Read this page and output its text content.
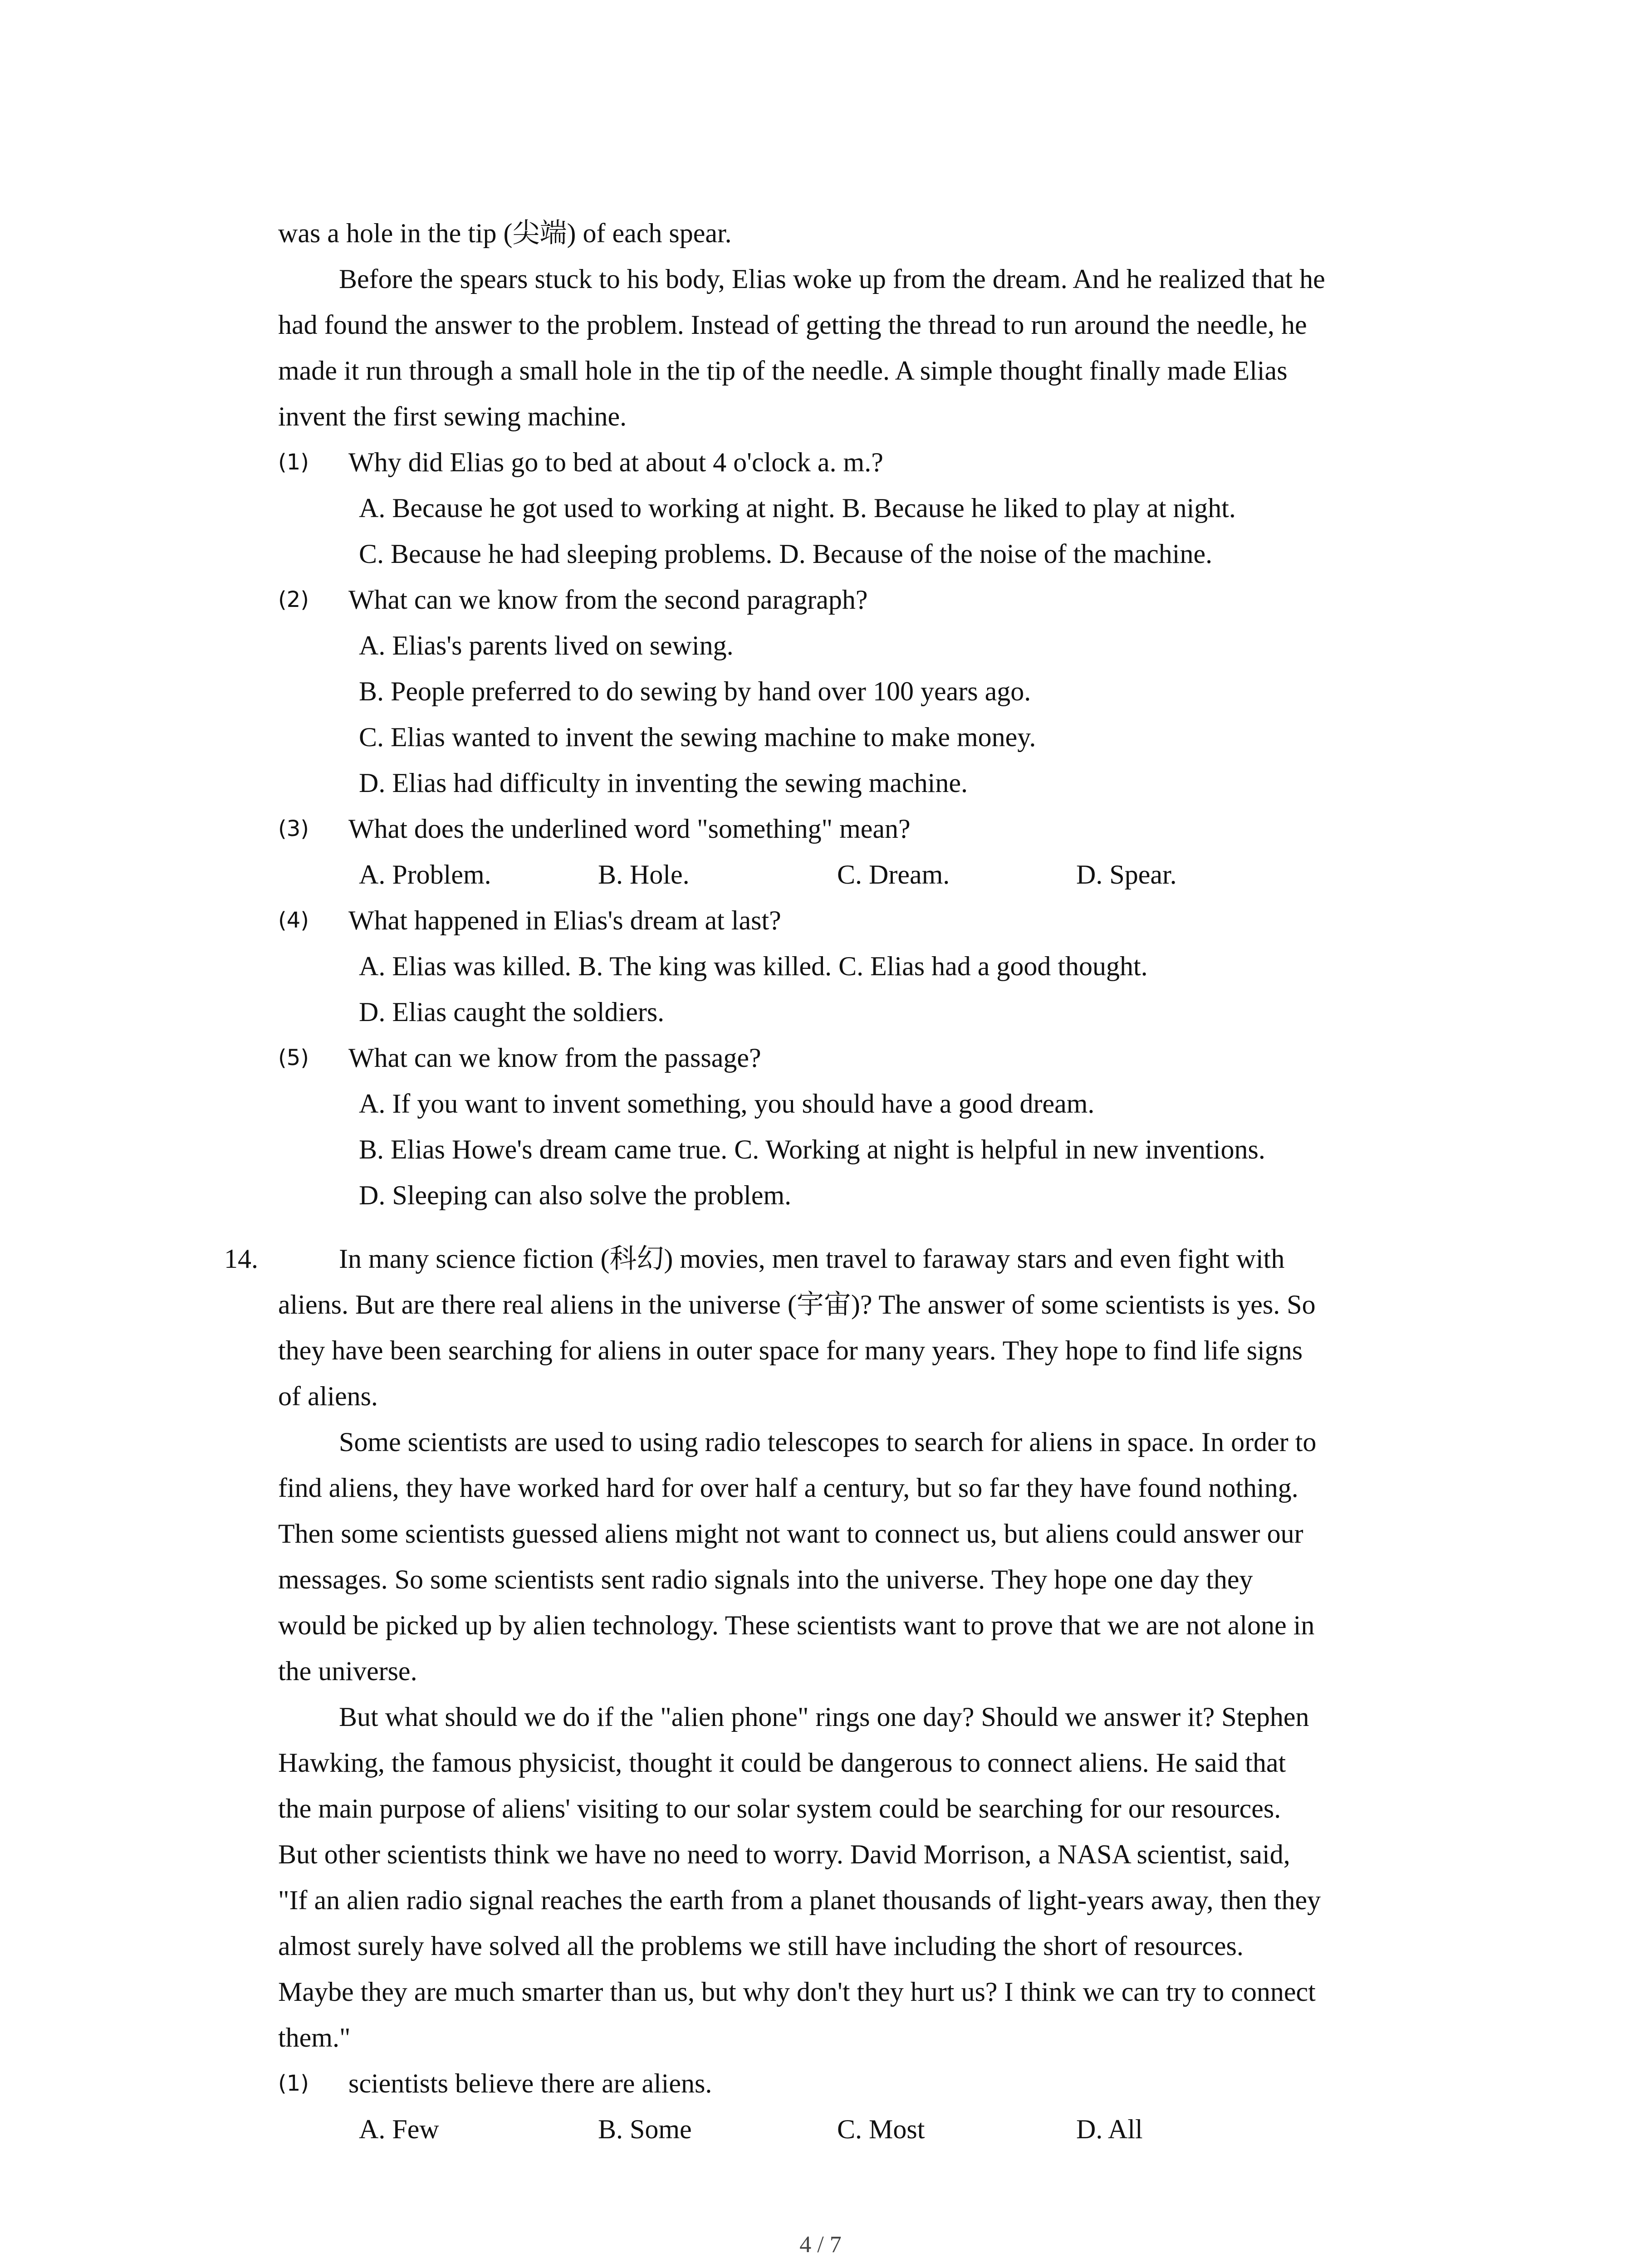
was a hole in the tip (尖端) of each spear.
Before the spears stuck to his body, Elias woke up from the dream. And he realized that he
had found the answer to the problem. Instead of getting the thread to run around the needle, he
made it run through a small hole in the tip of the needle. A simple thought finally made Elias
invent the first sewing machine.
(1) Why did Elias go to bed at about 4 o'clock a. m.?
A. Because he got used to working at night. B. Because he liked to play at night.
C. Because he had sleeping problems. D. Because of the noise of the machine.
(2) What can we know from the second paragraph?
A. Elias's parents lived on sewing.
B. People preferred to do sewing by hand over 100 years ago.
C. Elias wanted to invent the sewing machine to make money.
D. Elias had difficulty in inventing the sewing machine.
(3) What does the underlined word "something" mean?
A. Problem.	B. Hole.	C. Dream.	D. Spear.
(4) What happened in Elias's dream at last?
A. Elias was killed. B. The king was killed. C. Elias had a good thought.
D. Elias caught the soldiers.
(5) What can we know from the passage?
A. If you want to invent something, you should have a good dream.
B. Elias Howe's dream came true. C. Working at night is helpful in new inventions.
D. Sleeping can also solve the problem.
14.	In many science fiction (科幻) movies, men travel to faraway stars and even fight with
aliens. But are there real aliens in the universe (宇宙)? The answer of some scientists is yes. So
they have been searching for aliens in outer space for many years. They hope to find life signs
of aliens.
Some scientists are used to using radio telescopes to search for aliens in space. In order to
find aliens, they have worked hard for over half a century, but so far they have found nothing.
Then some scientists guessed aliens might not want to connect us, but aliens could answer our
messages. So some scientists sent radio signals into the universe. They hope one day they
would be picked up by alien technology. These scientists want to prove that we are not alone in
the universe.
But what should we do if the "alien phone" rings one day? Should we answer it? Stephen
Hawking, the famous physicist, thought it could be dangerous to connect aliens. He said that
the main purpose of aliens' visiting to our solar system could be searching for our resources.
But other scientists think we have no need to worry. David Morrison, a NASA scientist, said,
"If an alien radio signal reaches the earth from a planet thousands of light-years away, then they
almost surely have solved all the problems we still have including the short of resources.
Maybe they are much smarter than us, but why don't they hurt us? I think we can try to connect
them."
(1) scientists believe there are aliens.
A. Few	B. Some	C. Most	D. All
4 / 7
